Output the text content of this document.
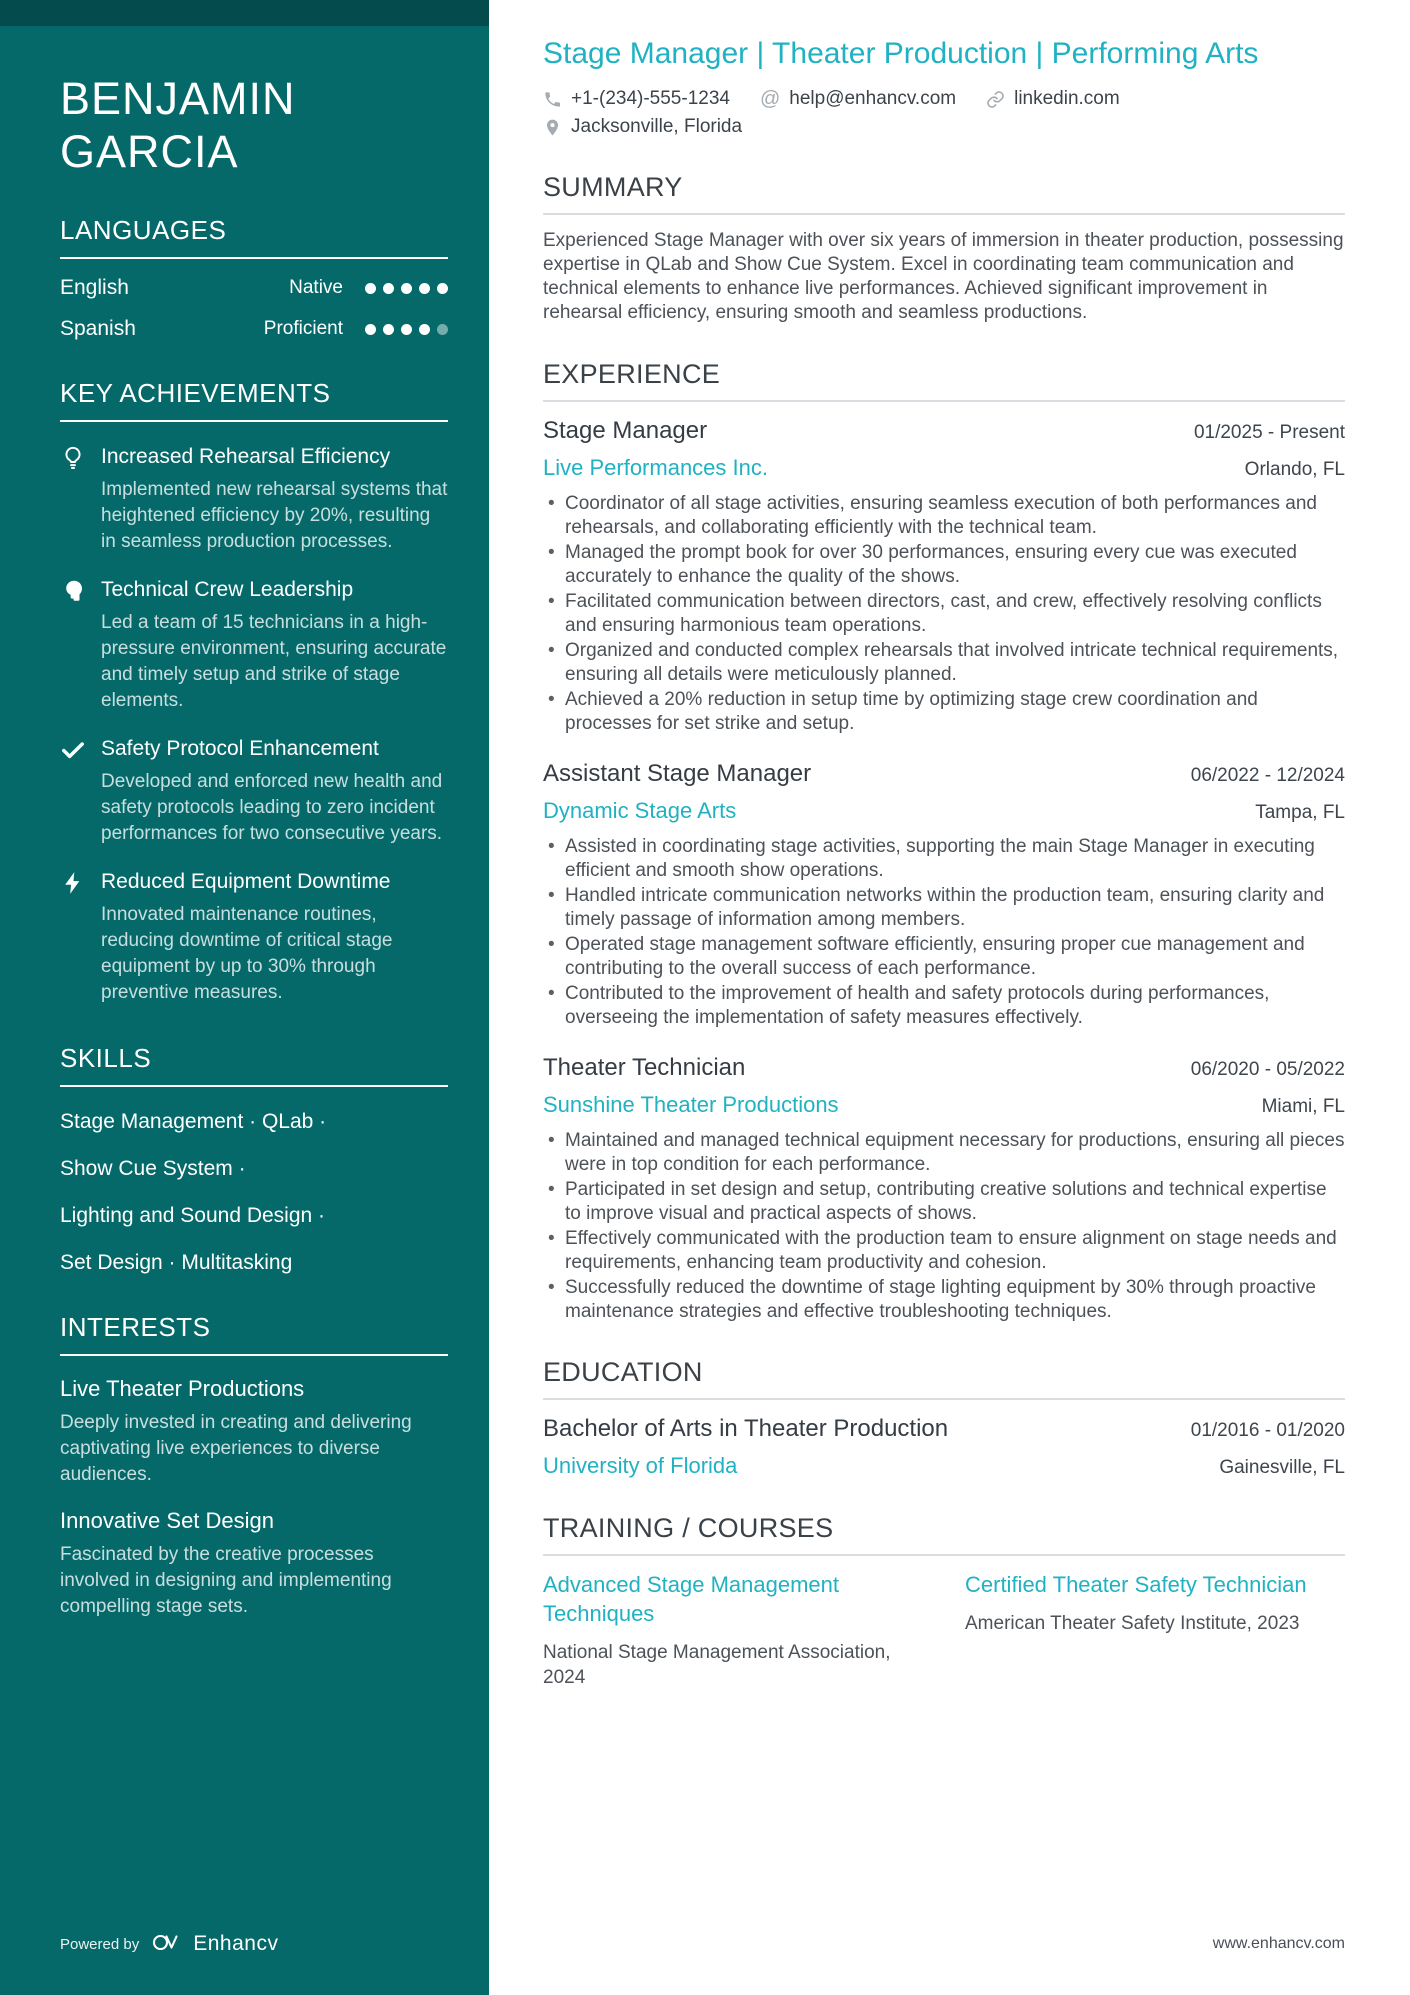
BENJAMIN GARCIA
LANGUAGES
English	Native
Spanish	Proficient
KEY ACHIEVEMENTS
Increased Rehearsal Efficiency

Implemented new rehearsal systems that heightened efficiency by 20%, resulting in seamless production processes.

Technical Crew Leadership

Led a team of 15 technicians in a high-pressure environment, ensuring accurate and timely setup and strike of stage elements.

Safety Protocol Enhancement

Developed and enforced new health and safety protocols leading to zero incident performances for two consecutive years.

Reduced Equipment Downtime

Innovated maintenance routines, reducing downtime of critical stage equipment by up to 30% through preventive measures.

SKILLS

Stage Management · QLab ·

Show Cue System ·

Lighting and Sound Design ·

Set Design · Multitasking

INTERESTS
Live Theater Productions

Deeply invested in creating and delivering captivating live experiences to diverse audiences.

Innovative Set Design

Fascinated by the creative processes involved in designing and implementing compelling stage sets.

Powered by	Enhancv
Stage Manager | Theater Production | Performing Arts
+1-(234)-555-1234 @ help@enhancv.com	linkedin.com
Jacksonville, Florida
SUMMARY

Experienced Stage Manager with over six years of immersion in theater production, possessing expertise in QLab and Show Cue System. Excel in coordinating team communication and technical elements to enhance live performances. Achieved significant improvement in rehearsal efficiency, ensuring smooth and seamless productions.

EXPERIENCE
Stage Manager	01/2025 - Present
Live Performances Inc.	Orlando, FL
• Coordinator of all stage activities, ensuring seamless execution of both performances and rehearsals, and collaborating efficiently with the technical team.
• Managed the prompt book for over 30 performances, ensuring every cue was executed accurately to enhance the quality of the shows.
• Facilitated communication between directors, cast, and crew, effectively resolving conflicts and ensuring harmonious team operations.
• Organized and conducted complex rehearsals that involved intricate technical requirements, ensuring all details were meticulously planned.
• Achieved a 20% reduction in setup time by optimizing stage crew coordination and processes for set strike and setup.
Assistant Stage Manager	06/2022 - 12/2024
Dynamic Stage Arts	Tampa, FL
• Assisted in coordinating stage activities, supporting the main Stage Manager in executing efficient and smooth show operations.
• Handled intricate communication networks within the production team, ensuring clarity and timely passage of information among members.
• Operated stage management software efficiently, ensuring proper cue management and contributing to the overall success of each performance.
• Contributed to the improvement of health and safety protocols during performances, overseeing the implementation of safety measures effectively.
Theater Technician	06/2020 - 05/2022
Sunshine Theater Productions	Miami, FL
• Maintained and managed technical equipment necessary for productions, ensuring all pieces were in top condition for each performance.
• Participated in set design and setup, contributing creative solutions and technical expertise to improve visual and practical aspects of shows.
• Effectively communicated with the production team to ensure alignment on stage needs and requirements, enhancing team productivity and cohesion.
• Successfully reduced the downtime of stage lighting equipment by 30% through proactive maintenance strategies and effective troubleshooting techniques.
EDUCATION
Bachelor of Arts in Theater Production	01/2016 - 01/2020
University of Florida	Gainesville, FL
TRAINING / COURSES
Advanced Stage Management Techniques

National Stage Management Association, 2024

Certified Theater Safety Technician

American Theater Safety Institute, 2023

www.enhancv.com
